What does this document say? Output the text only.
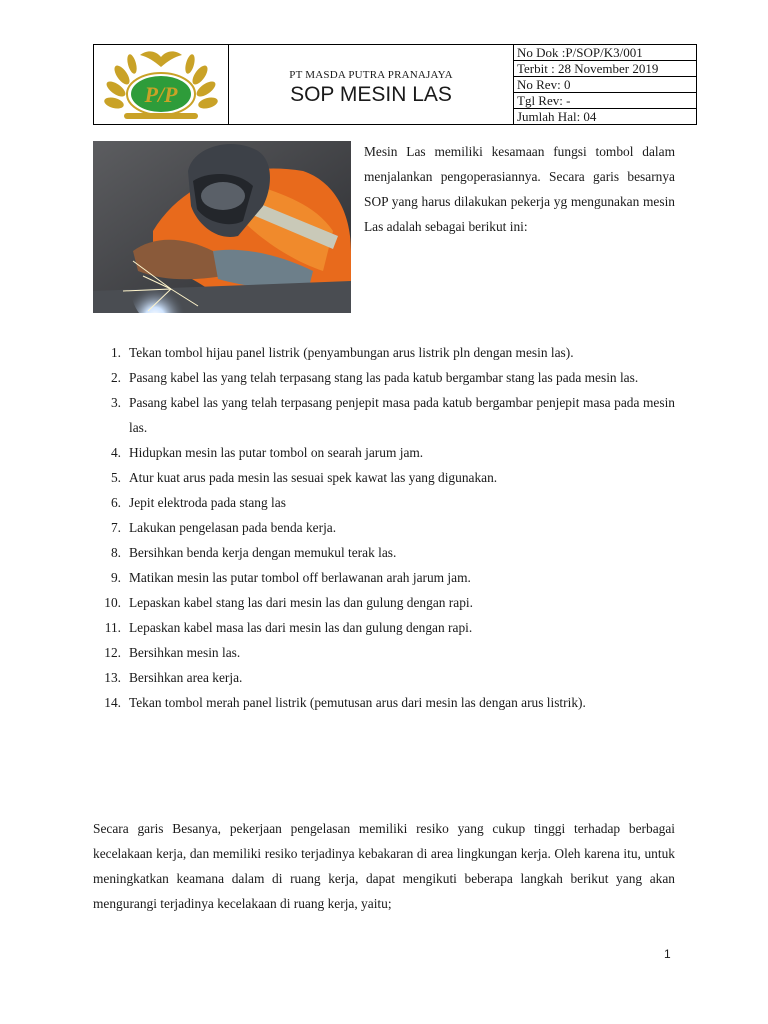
P/P
PT MASDA PUTRA PRANAJAYA
SOP MESIN LAS
No Dok :P/SOP/K3/001
Terbit : 28 November 2019
No Rev: 0
Tgl Rev: -
Jumlah Hal: 04

Mesin Las memiliki kesamaan fungsi tombol dalam menjalankan pengoperasiannya. Secara garis besarnya SOP yang harus dilakukan pekerja yg mengunakan mesin Las adalah sebagai berikut ini:

1. Tekan tombol hijau panel listrik (penyambungan arus listrik pln dengan mesin las).
2. Pasang kabel las yang telah terpasang stang las pada katub bergambar stang las pada mesin las.
3. Pasang kabel las yang telah terpasang penjepit masa pada katub bergambar penjepit masa pada mesin las.
4. Hidupkan mesin las putar tombol on searah jarum jam.
5. Atur kuat arus pada mesin las sesuai spek kawat las yang digunakan.
6. Jepit elektroda pada stang las
7. Lakukan pengelasan pada benda kerja.
8. Bersihkan benda kerja dengan memukul terak las.
9. Matikan mesin las putar tombol off berlawanan arah jarum jam.
10. Lepaskan kabel stang las dari mesin las dan gulung dengan rapi.
11. Lepaskan kabel masa las dari mesin las dan gulung dengan rapi.
12. Bersihkan mesin las.
13. Bersihkan area kerja.
14. Tekan tombol merah panel listrik (pemutusan arus dari mesin las dengan arus listrik).

Secara garis Besanya, pekerjaan pengelasan memiliki resiko yang cukup tinggi terhadap berbagai kecelakaan kerja, dan memiliki resiko terjadinya kebakaran di area lingkungan kerja. Oleh karena itu, untuk meningkatkan keamana dalam di ruang kerja, dapat mengikuti beberapa langkah berikut yang akan mengurangi terjadinya kecelakaan di ruang kerja, yaitu;

1
